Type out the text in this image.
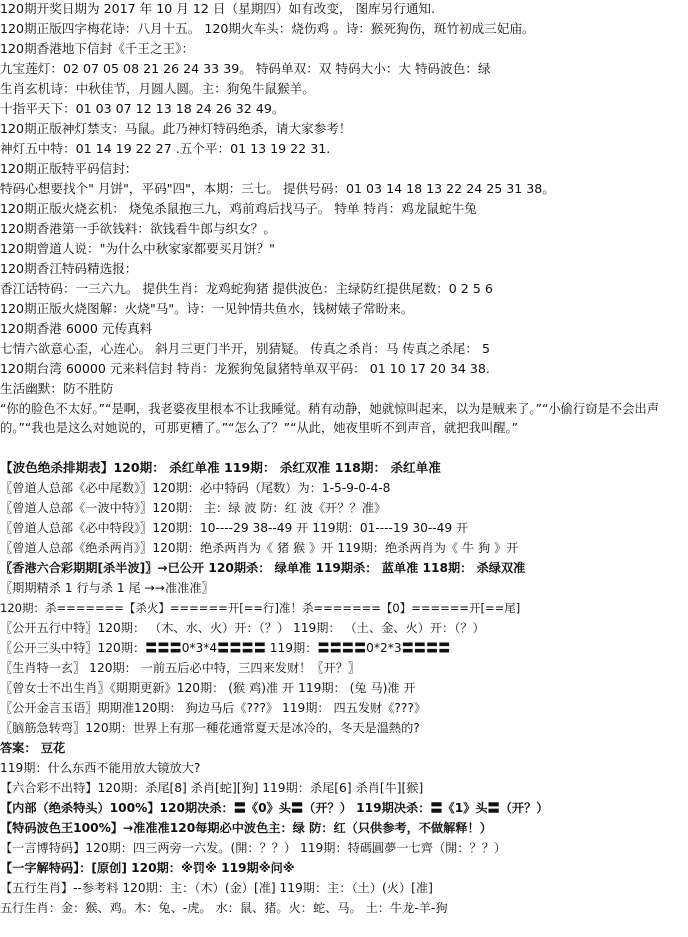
120期开奖日期为 2017 年 10 月 12 日（星期四）如有改变， 图库另行通知.
120期正版四字梅花诗：八月十五。 120期火车头：烧伤鸡 。诗：猴死狗伤，斑竹初成三妃庙。
120期香港地下信封《千王之王》：
九宝莲灯：02 07 05 08 21 26 24 33 39。 特码单双：双 特码大小：大 特码波色：绿
生肖玄机诗：中秋佳节，月圆人圆。主：狗兔牛鼠猴羊。
十指平天下：01 03 07 12 13 18 24 26 32 49。
120期正版神灯禁支：马鼠。此乃神灯特码绝杀，请大家参考！
神灯五中特：01 14 19 22 27 .五个平：01 13 19 22 31.
120期正版特平码信封：
特码心想要找个" 月饼"，平码"四"，本期：三七。 提供号码：01 03 14 18 13 22 24 25 31 38。
120期正版火烧玄机： 烧兔杀鼠抱三九，鸡前鸡后找马子。 特单 特肖：鸡龙鼠蛇牛兔
120期香港第一手欲钱料：欲钱看牛郎与织女？。
120期曾道人说："为什么中秋家家都要买月饼？"
120期香江特码精选报：
香江话特码：一三六九。 提供生肖：龙鸡蛇狗猪 提供波色：主绿防红提供尾数：0 2 5 6
120期正版火烧图解：火烧"马"。诗：一见钟情共鱼水，钱树婊子常盼来。
120期香港 6000 元传真料
七情六欲意心歪，心连心。 斜月三更门半开，别猜疑。 传真之杀肖：马 传真之杀尾： 5
120期台湾 60000 元来料信封 特肖：龙猴狗兔鼠猪特单双平码： 01 10 17 20 34 38.
生活幽默：防不胜防
“你的脸色不太好。”“是啊，我老婆夜里根本不让我睡觉。稍有动静，她就惊叫起来，以为是贼来了。”“小偷行窃是不会出声的。”“我也是这么对她说的，可那更糟了。”“怎么了？”“从此，她夜里听不到声音，就把我叫醒。”
【波色绝杀排期表】120期： 杀红单准 119期： 杀红双准 118期： 杀红单准
〖曾道人总部《必中尾数》〗120期：必中特码（尾数）为：1-5-9-0-4-8
〖曾道人总部《一波中特》〗120期： 主：绿 波 防：红 波《开？？准》
〖曾道人总部《必中特段》〗120期：10----29 38--49 开 119期：01----19 30--49 开
〖曾道人总部《绝杀两肖》〗120期：绝杀两肖为《 猪 猴 》开 119期：绝杀两肖为《 牛 狗 》开
〖香港六合彩期期[杀半波]〗→已公开 120期杀： 绿单准 119期杀： 蓝单准 118期： 杀绿双准
〖期期精杀 1 行与杀 1 尾 →→准准准〗
120期：杀=======【杀火】======开[==行]准！杀=======【0】======开[==尾]
〖公开五行中特〗120期： （木、水、火）开：（？） 119期： （土、金、火）开：（？）
〖公开三头中特〗120期：〓〓〓0*3*4〓〓〓〓 119期：〓〓〓〓0*2*3〓〓〓〓
〖生肖特一玄〗 120期： 一前五后必中特，三四来发财！〖开？〗
〖曾女士不出生肖〗《期期更新》120期： (猴 鸡)准 开 119期： (兔 马)准 开
〖公开金言玉语〗期期准120期： 狗边马后《???》 119期： 四五发财《???》
〖脑筋急转弯〗120期：世界上有那一種花通常夏天是冰冷的，冬天是溫熱的?
答案： 豆花
119期：什么东西不能用放大镜放大?
【六合彩不出特】120期：杀尾[8] 杀肖[蛇][狗] 119期：杀尾[6] 杀肖[牛][猴]
【内部（绝杀特头）100%】120期决杀：〓《0》头〓（开？） 119期决杀：〓《1》头〓（开？）
【特码波色王100%】→准准准120每期必中波色主：绿 防：红（只供参考，不做解释！）
【一言博特码】120期：四三两旁一六发。(開：？？） 119期：特碼圓夢一七齊（開：？？）
【一字解特码】：[原创] 120期：※罚※ 119期※问※
【五行生肖】--参考料 120期：主：（木）(金）[准] 119期：主：（土）(火）[准]
五行生肖：金：猴、鸡。木：兔、-虎。 水：鼠、猪。火：蛇、马。 土：牛龙-羊-狗
